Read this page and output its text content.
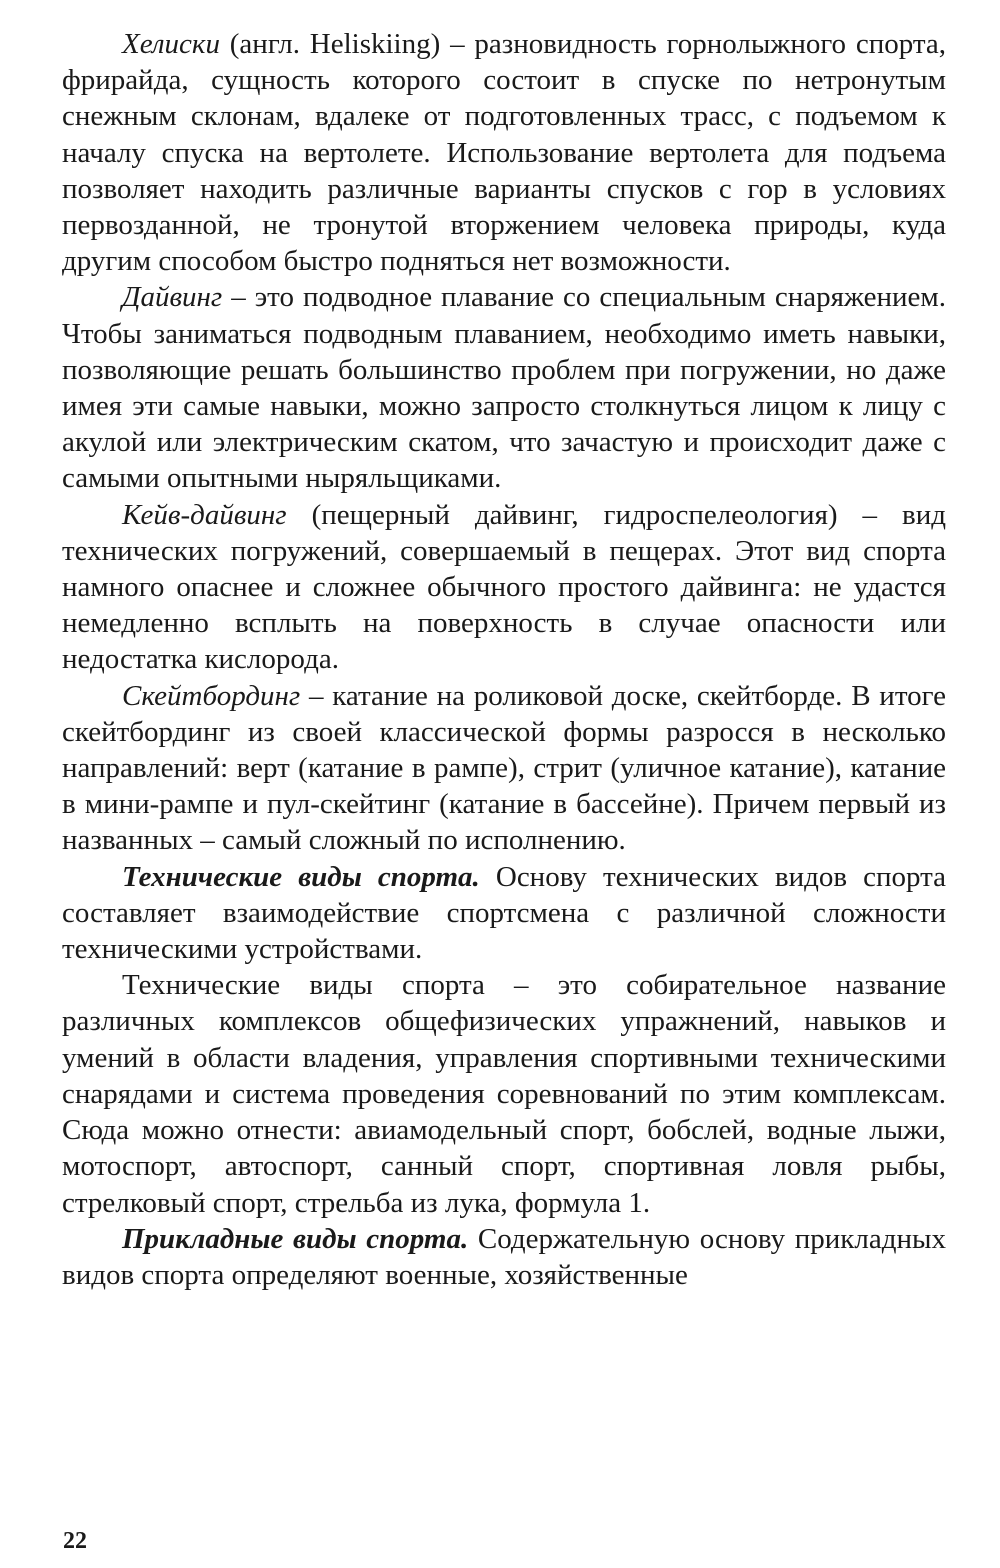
Хелиски (англ. Heliskiing) – разновидность горнолыжного спорта, фрирайда, сущность которого состоит в спуске по нетронутым снежным склонам, вдалеке от подготовленных трасс, с подъемом к началу спуска на вертолете. Использование вертолета для подъема позволяет находить различные варианты спусков с гор в условиях первозданной, не тронутой вторжением человека природы, куда другим способом быстро подняться нет возможности.

Дайвинг – это подводное плавание со специальным снаряжением. Чтобы заниматься подводным плаванием, необходимо иметь навыки, позволяющие решать большинство проблем при погружении, но даже имея эти самые навыки, можно запросто столкнуться лицом к лицу с акулой или электрическим скатом, что зачастую и происходит даже с самыми опытными ныряльщиками.

Кейв-дайвинг (пещерный дайвинг, гидроспелеология) – вид технических погружений, совершаемый в пещерах. Этот вид спорта намного опаснее и сложнее обычного простого дайвинга: не удастся немедленно всплыть на поверхность в случае опасности или недостатка кислорода.

Скейтбординг – катание на роликовой доске, скейтборде. В итоге скейтбординг из своей классической формы разросся в несколько направлений: верт (катание в рампе), стрит (уличное катание), катание в мини-рампе и пул-скейтинг (катание в бассейне). Причем первый из названных – самый сложный по исполнению.

Технические виды спорта. Основу технических видов спорта составляет взаимодействие спортсмена с различной сложности техническими устройствами.

Технические виды спорта – это собирательное название различных комплексов общефизических упражнений, навыков и умений в области владения, управления спортивными техническими снарядами и система проведения соревнований по этим комплексам. Сюда можно отнести: авиамодельный спорт, бобслей, водные лыжи, мотоспорт, автоспорт, санный спорт, спортивная ловля рыбы, стрелковый спорт, стрельба из лука, формула 1.

Прикладные виды спорта. Содержательную основу прикладных видов спорта определяют военные, хозяйственные

22
